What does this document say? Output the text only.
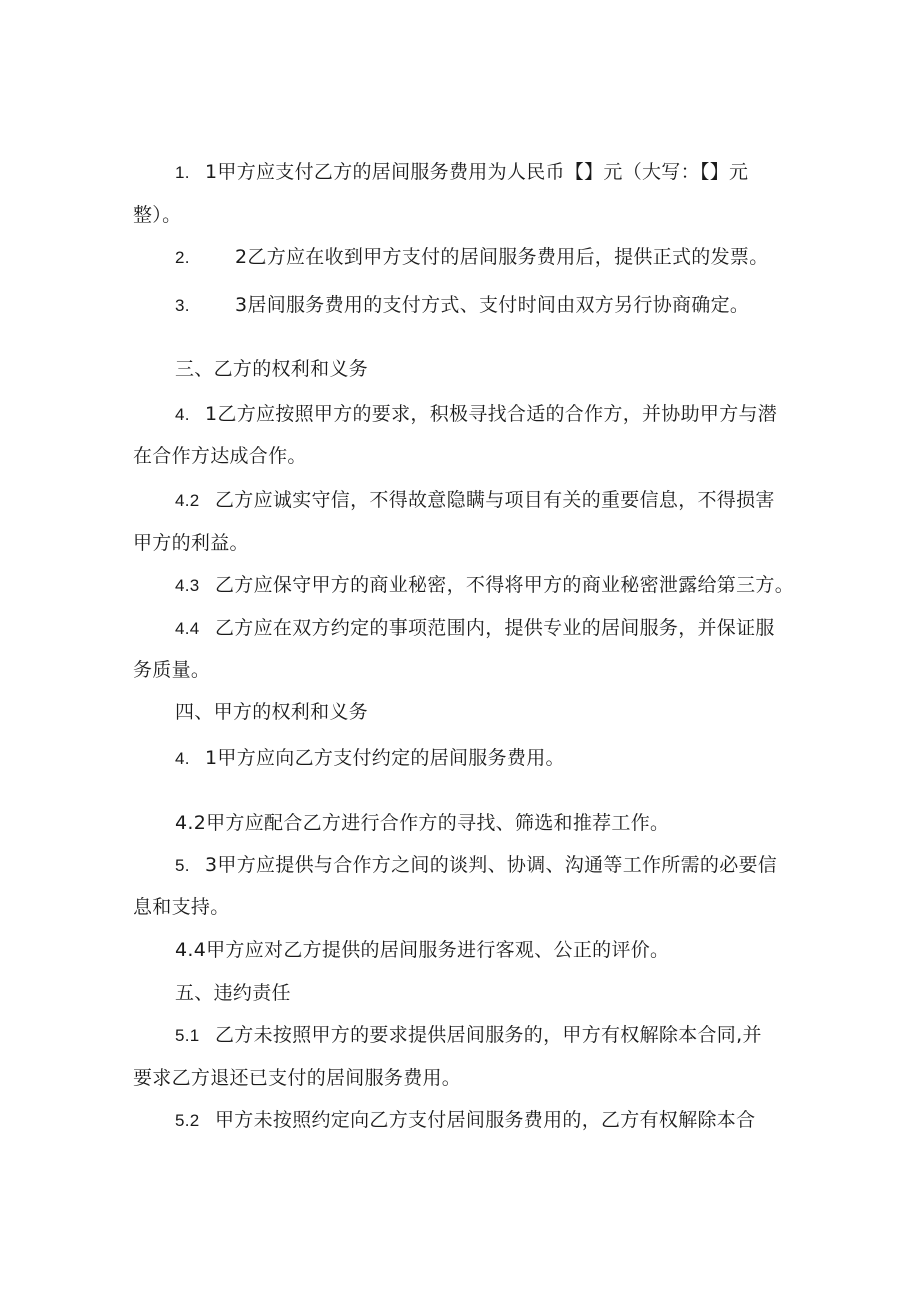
1. 1甲方应支付乙方的居间服务费用为人民币【】元（大写：【】元
整）。
2. 2乙方应在收到甲方支付的居间服务费用后，提供正式的发票。
3. 3居间服务费用的支付方式、支付时间由双方另行协商确定。
三、乙方的权利和义务
4. 1乙方应按照甲方的要求，积极寻找合适的合作方，并协助甲方与潜
在合作方达成合作。
4.2 乙方应诚实守信，不得故意隐瞒与项目有关的重要信息，不得损害
甲方的利益。
4.3 乙方应保守甲方的商业秘密，不得将甲方的商业秘密泄露给第三方。
4.4 乙方应在双方约定的事项范围内，提供专业的居间服务，并保证服
务质量。
四、甲方的权利和义务
4. 1甲方应向乙方支付约定的居间服务费用。
4.2甲方应配合乙方进行合作方的寻找、筛选和推荐工作。
5. 3甲方应提供与合作方之间的谈判、协调、沟通等工作所需的必要信
息和支持。
4.4甲方应对乙方提供的居间服务进行客观、公正的评价。
五、违约责任
5.1 乙方未按照甲方的要求提供居间服务的，甲方有权解除本合同,并
要求乙方退还已支付的居间服务费用。
5.2 甲方未按照约定向乙方支付居间服务费用的，乙方有权解除本合
